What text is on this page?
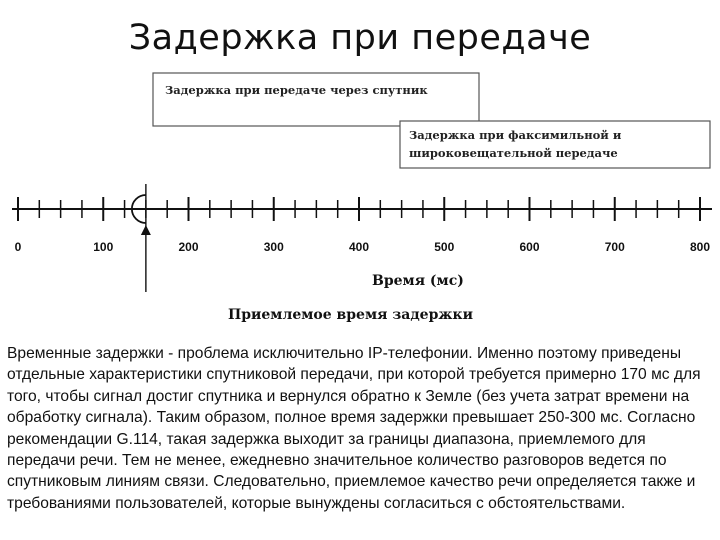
Задержка при передаче
Задержка при передаче через спутник
Задержка при факсимильной и
широковещательной передаче
0	100	200	300	400	500	600	700	800
Время (мс)
Приемлемое время задержки
Временные задержки - проблема исключительно IP-телефонии. Именно поэтому приведены отдельные характеристики спутниковой передачи, при которой требуется примерно 170 мс для того, чтобы сигнал достиг спутника и вернулся обратно к Земле (без учета затрат времени на обработку сигнала). Таким образом, полное время задержки превышает 250-300 мс. Согласно рекомендации G.114, такая задержка выходит за границы диапазона, приемлемого для передачи речи. Тем не менее, ежедневно значительное количество разговоров ведется по спутниковым линиям связи. Следовательно, приемлемое качество речи определяется также и требованиями пользователей, которые вынуждены согласиться с обстоятельствами.
